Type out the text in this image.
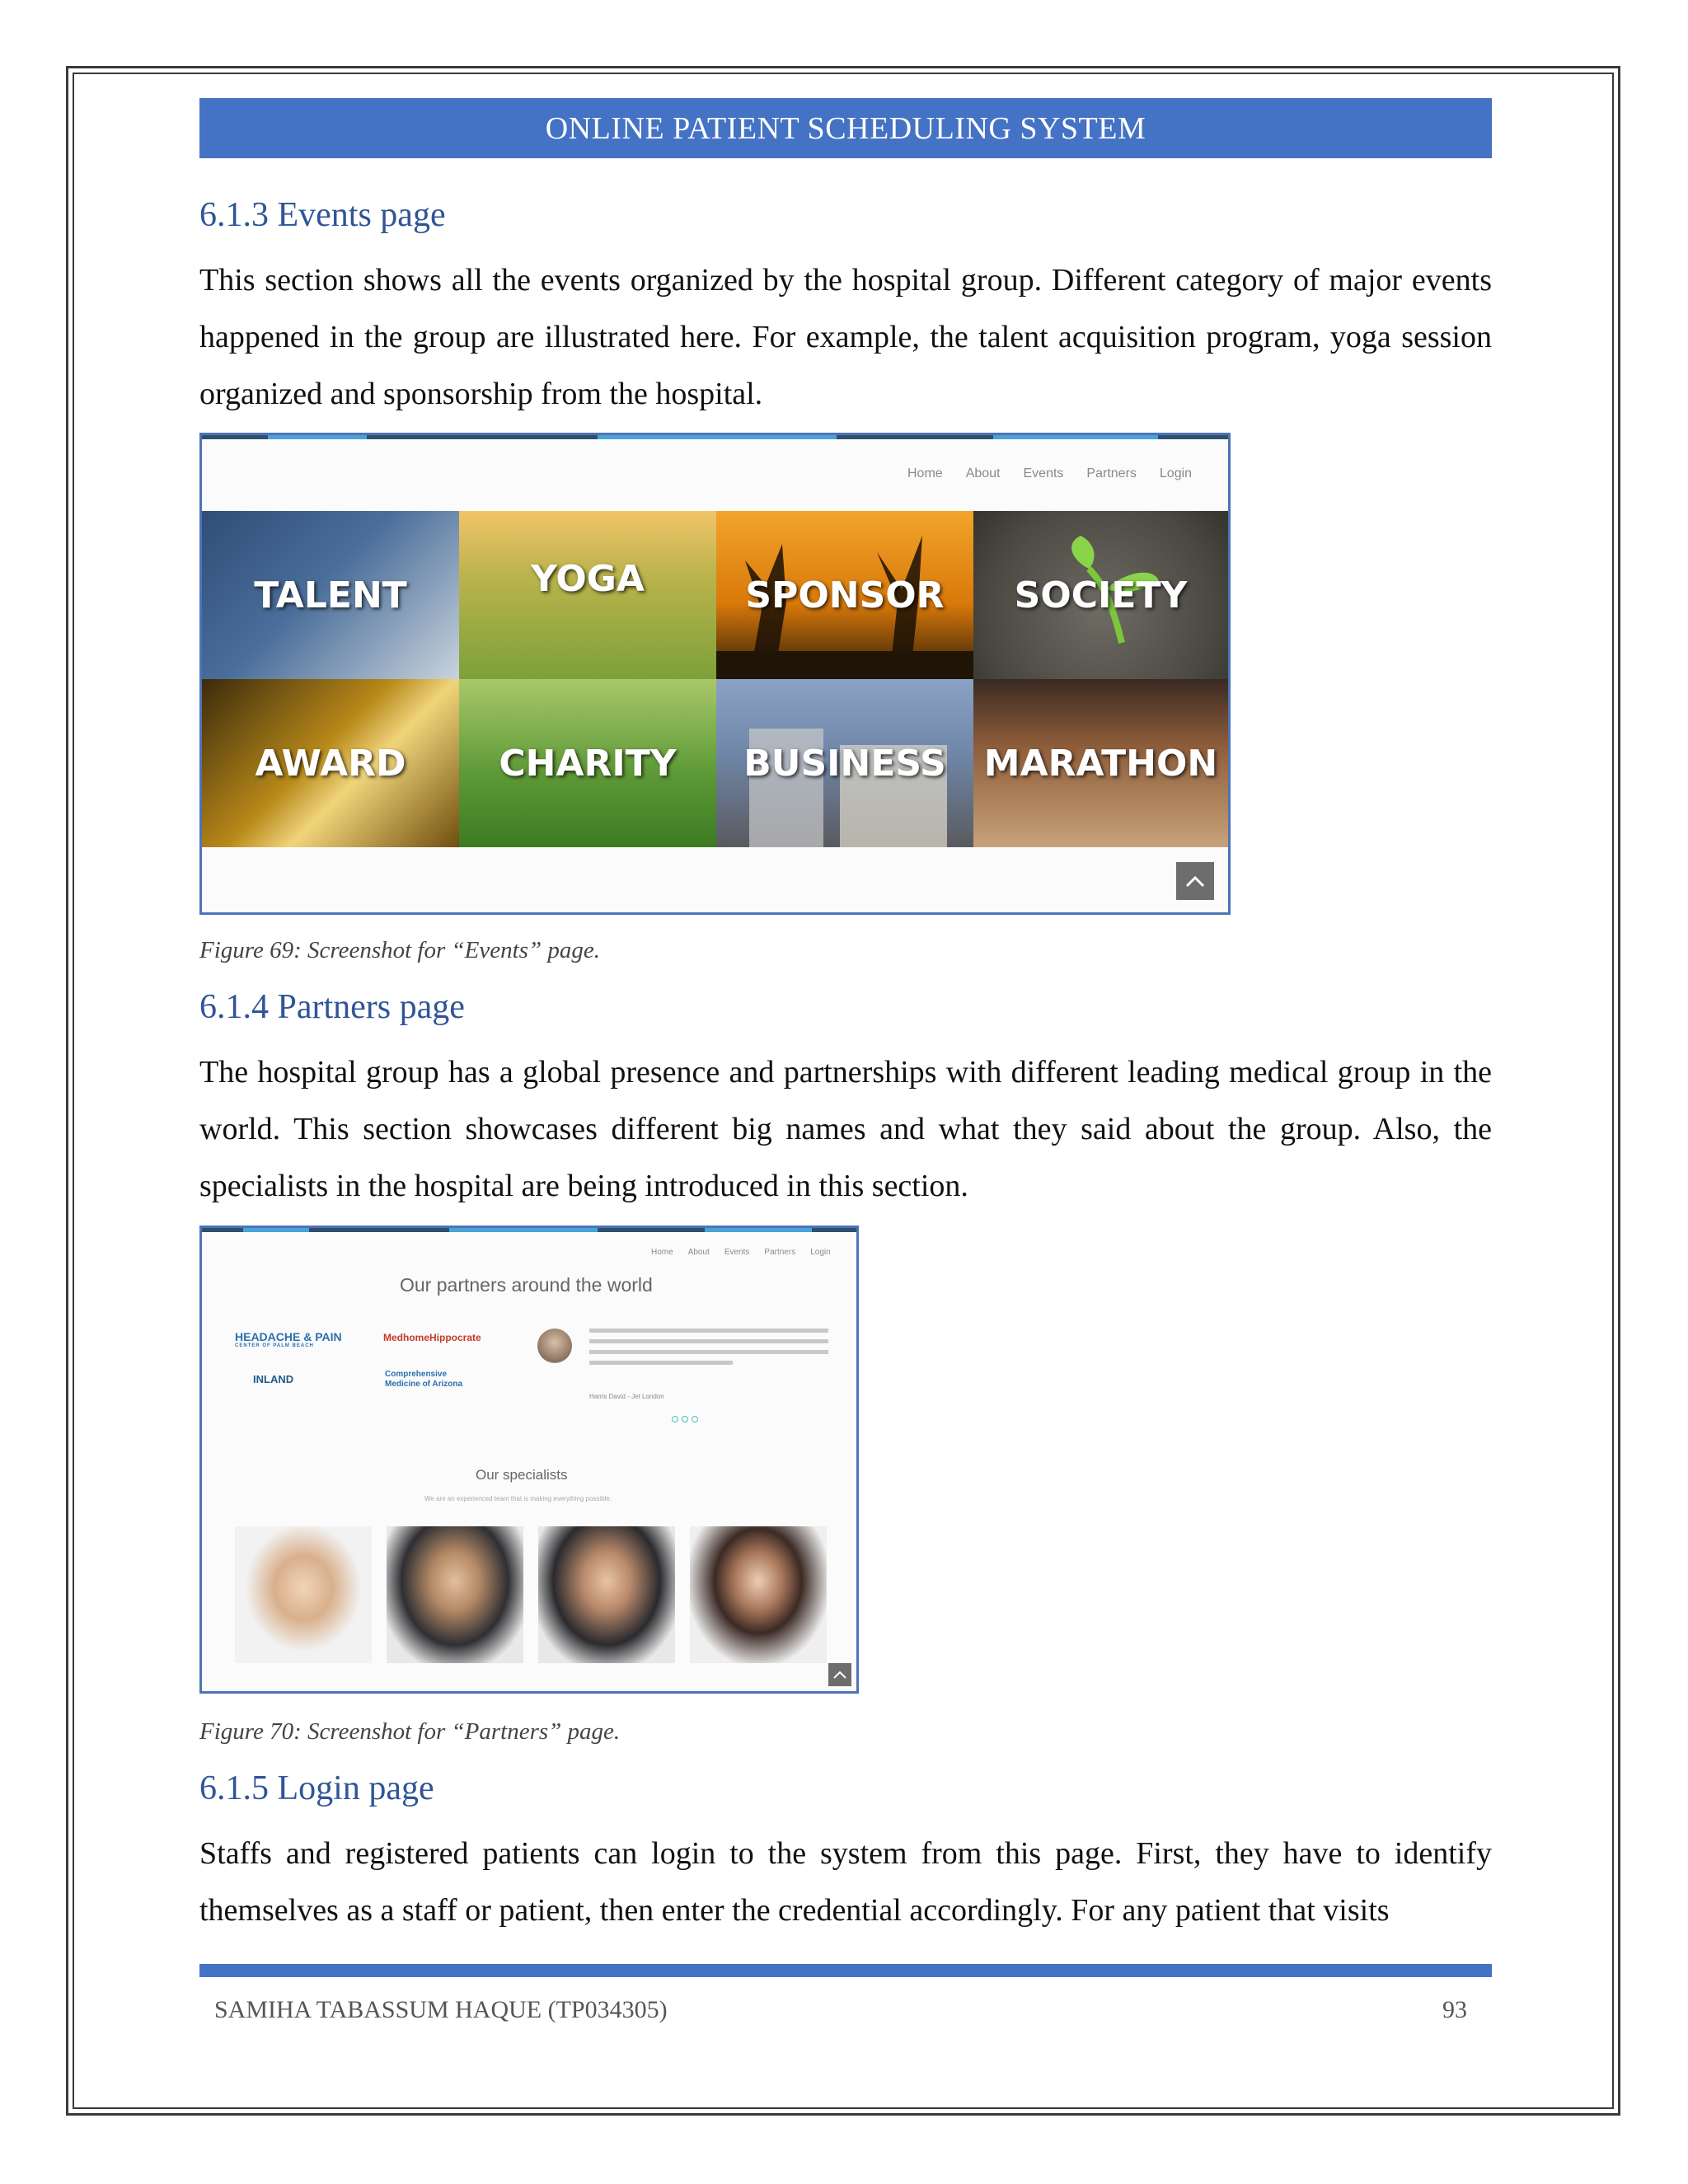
ONLINE PATIENT SCHEDULING SYSTEM
6.1.3 Events page

This section shows all the events organized by the hospital group. Different category of major events happened in the group are illustrated here. For example, the talent acquisition program, yoga session organized and sponsorship from the hospital.

Home About Events Partners Login
TALENT	YOGA	SPONSOR SOCIETY
AWARD	CHARITY BUSINESS MARATHON

Figure 69: Screenshot for “Events” page.

6.1.4 Partners page

The hospital group has a global presence and partnerships with different leading medical group in the world. This section showcases different big names and what they said about the group. Also, the specialists in the hospital are being introduced in this section.

Home About Events Partners Login
Our partners around the world
HEADACHE & PAIN
CENTER OF PALM BEACH
MedhomeHippocrate
INLAND	Comprehensive Medicine of Arizona
Harris David - Jet London
Our specialists
We are an experienced team that is making everything possible.

Figure 70: Screenshot for “Partners” page.

6.1.5 Login page

Staffs and registered patients can login to the system from this page. First, they have to identify themselves as a staff or patient, then enter the credential accordingly. For any patient that visits

SAMIHA TABASSUM HAQUE (TP034305)	93
